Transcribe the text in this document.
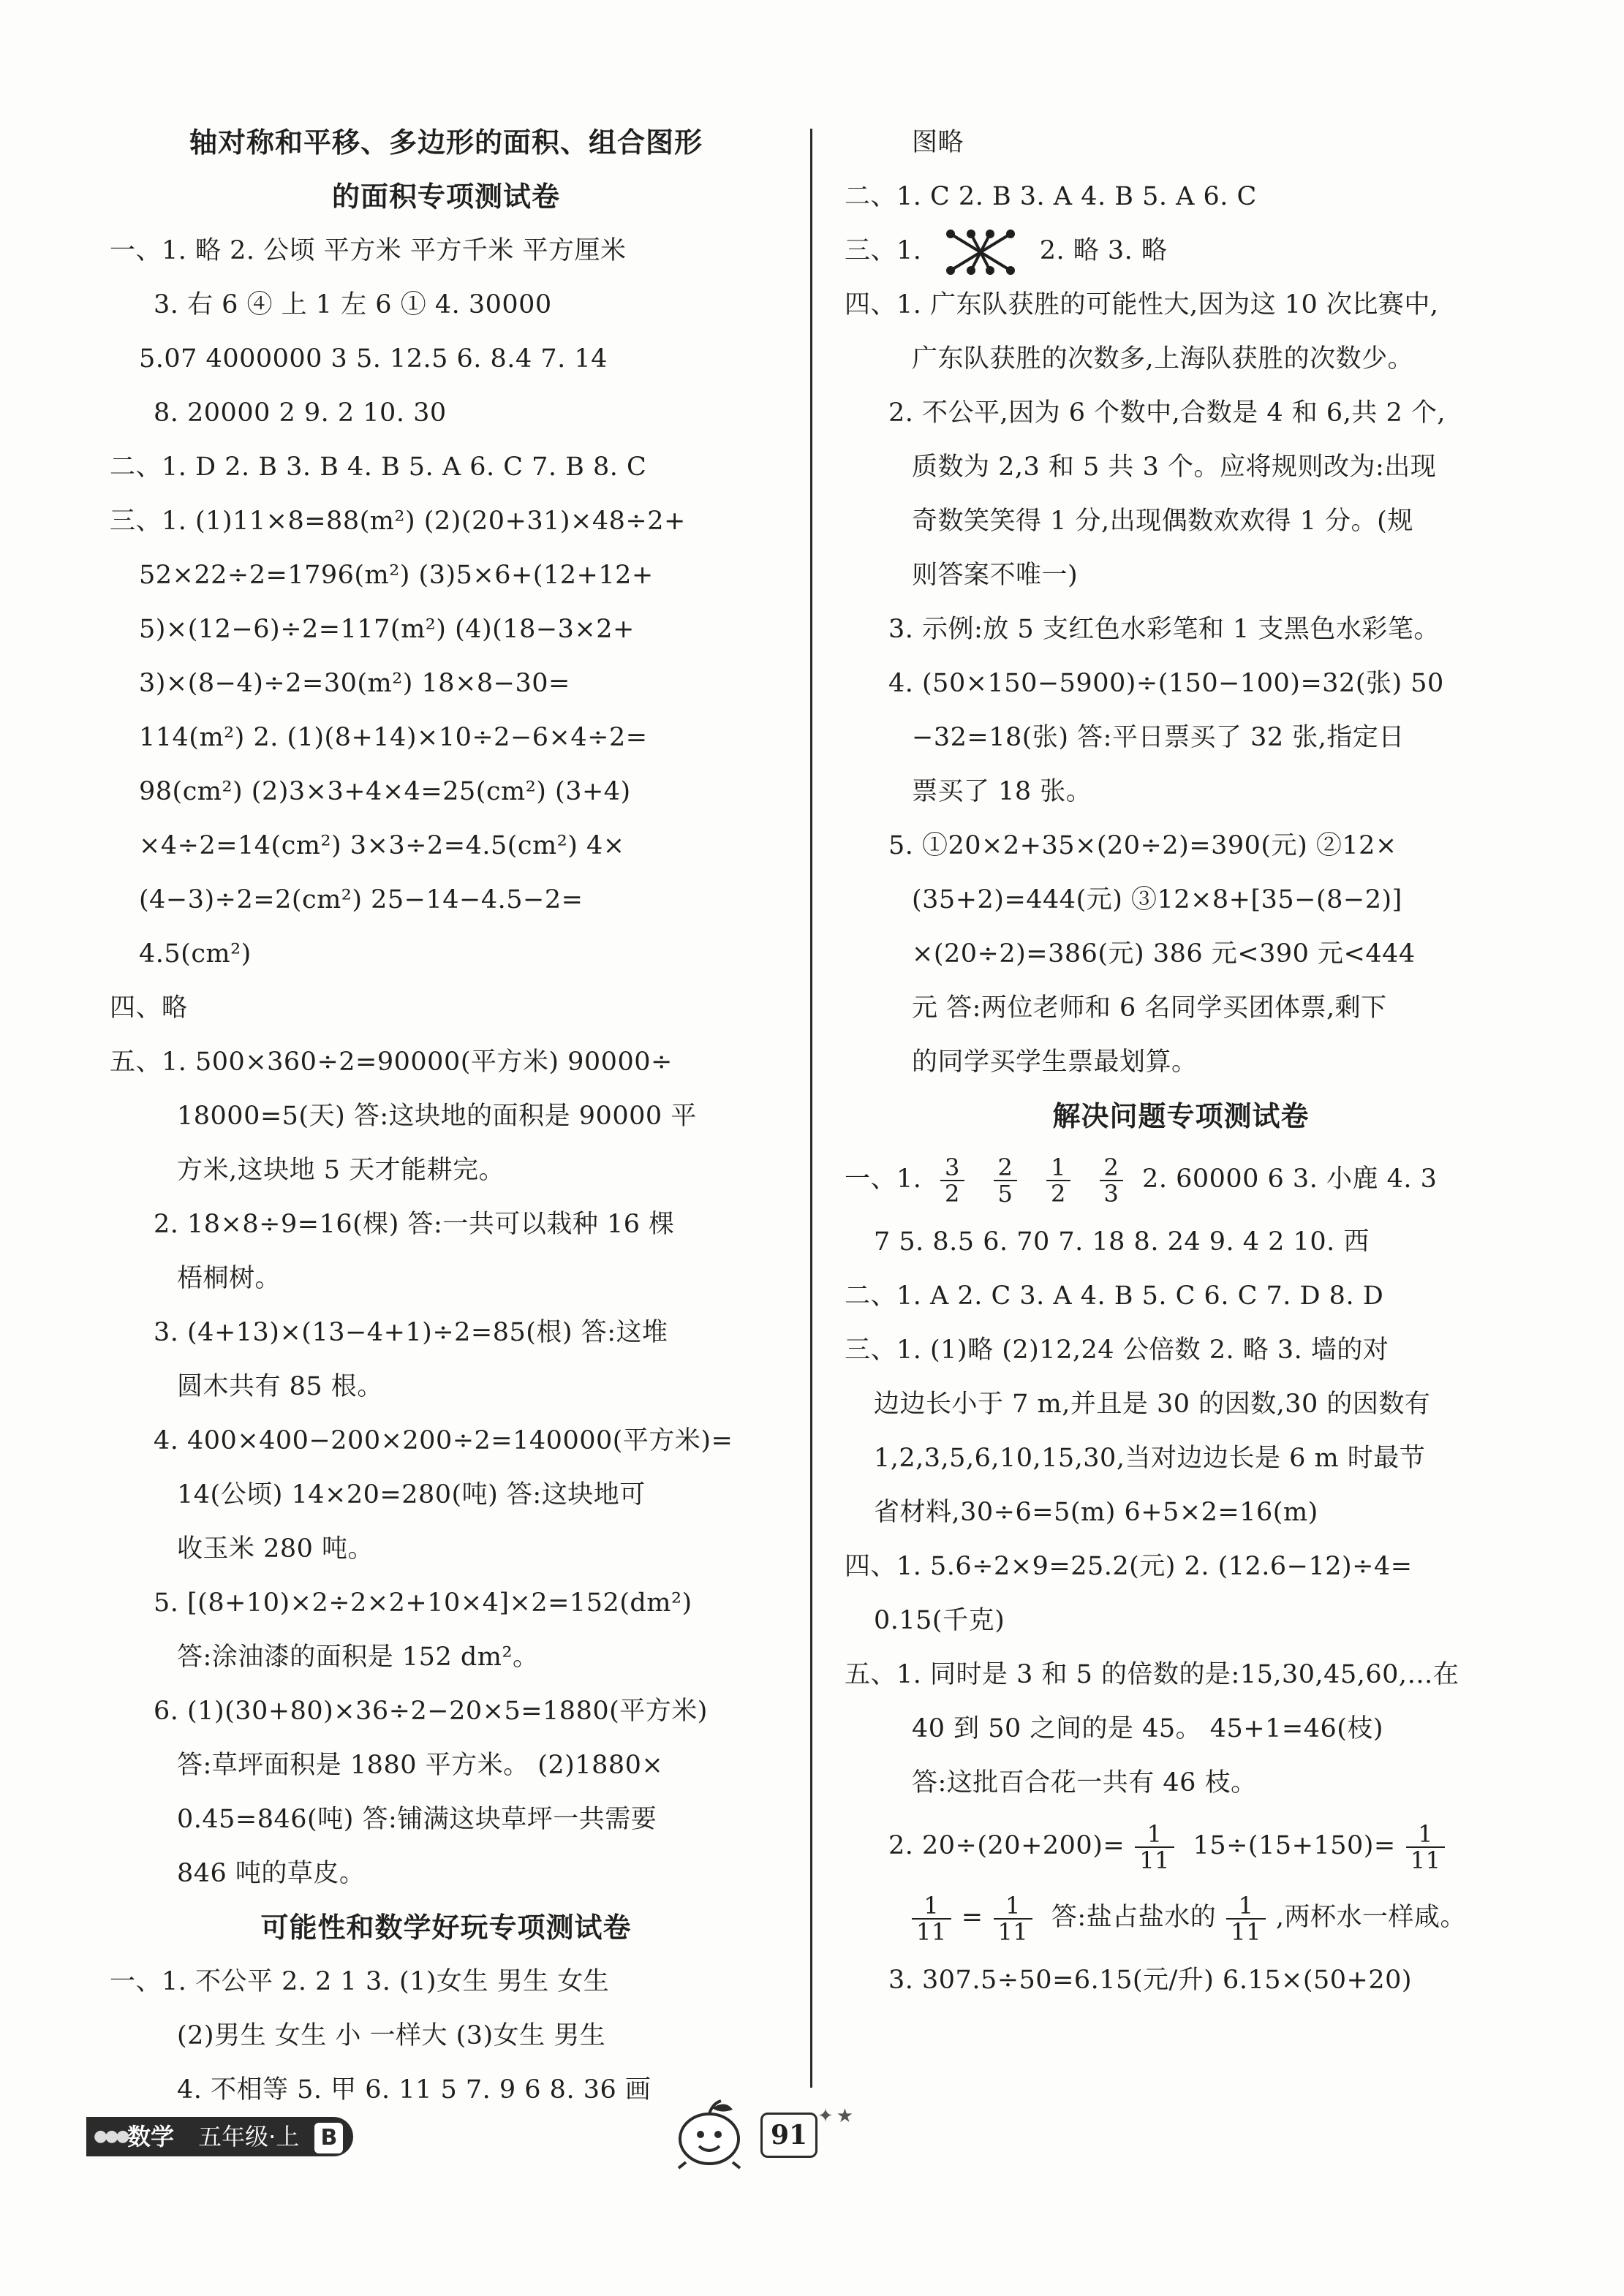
轴对称和平移、多边形的面积、组合图形
的面积专项测试卷
一、1. 略 2. 公顷 平方米 平方千米 平方厘米
3. 右 6 ④ 上 1 左 6 ① 4. 30000
5.07 4000000 3 5. 12.5 6. 8.4 7. 14
8. 20000 2 9. 2 10. 30
二、1. D 2. B 3. B 4. B 5. A 6. C 7. B 8. C
三、1. (1)11×8=88(m²) (2)(20+31)×48÷2+
52×22÷2=1796(m²) (3)5×6+(12+12+
5)×(12−6)÷2=117(m²) (4)(18−3×2+
3)×(8−4)÷2=30(m²) 18×8−30=
114(m²) 2. (1)(8+14)×10÷2−6×4÷2=
98(cm²) (2)3×3+4×4=25(cm²) (3+4)
×4÷2=14(cm²) 3×3÷2=4.5(cm²) 4×
(4−3)÷2=2(cm²) 25−14−4.5−2=
4.5(cm²)
四、略
五、1. 500×360÷2=90000(平方米) 90000÷
18000=5(天) 答:这块地的面积是 90000 平
方米,这块地 5 天才能耕完。
2. 18×8÷9=16(棵) 答:一共可以栽种 16 棵
梧桐树。
3. (4+13)×(13−4+1)÷2=85(根) 答:这堆
圆木共有 85 根。
4. 400×400−200×200÷2=140000(平方米)=
14(公顷) 14×20=280(吨) 答:这块地可
收玉米 280 吨。
5. [(8+10)×2÷2×2+10×4]×2=152(dm²)
答:涂油漆的面积是 152 dm²。
6. (1)(30+80)×36÷2−20×5=1880(平方米)
答:草坪面积是 1880 平方米。 (2)1880×
0.45=846(吨) 答:铺满这块草坪一共需要
846 吨的草皮。
可能性和数学好玩专项测试卷
一、1. 不公平 2. 2 1 3. (1)女生 男生 女生
(2)男生 女生 小 一样大 (3)女生 男生
4. 不相等 5. 甲 6. 11 5 7. 9 6 8. 36 画
图略
二、1. C 2. B 3. A 4. B 5. A 6. C
三、1.	2. 略 3. 略
四、1. 广东队获胜的可能性大,因为这 10 次比赛中,
广东队获胜的次数多,上海队获胜的次数少。
2. 不公平,因为 6 个数中,合数是 4 和 6,共 2 个,
质数为 2,3 和 5 共 3 个。应将规则改为:出现
奇数笑笑得 1 分,出现偶数欢欢得 1 分。(规
则答案不唯一)
3. 示例:放 5 支红色水彩笔和 1 支黑色水彩笔。
4. (50×150−5900)÷(150−100)=32(张) 50
−32=18(张) 答:平日票买了 32 张,指定日
票买了 18 张。
5. ①20×2+35×(20÷2)=390(元) ②12×
(35+2)=444(元) ③12×8+[35−(8−2)]
×(20÷2)=386(元) 386 元<390 元<444
元 答:两位老师和 6 名同学买团体票,剩下
的同学买学生票最划算。
解决问题专项测试卷
一、1. $\frac{3}{2}$
$\frac{2}{5}$
$\frac{1}{2}$
$\frac{2}{3} 2$. 60000 6 3. 小鹿 4. 3
7 5. 8.5 6. 70 7. 18 8. 24 9. 4 2 10. 西
二、1. A 2. C 3. A 4. B 5. C 6. C 7. D 8. D
三、1. (1)略 (2)12,24 公倍数 2. 略 3. 墙的对
边边长小于 7 m,并且是 30 的因数,30 的因数有
1,2,3,5,6,10,15,30,当对边边长是 6 m 时最节
省材料,30÷6=5(m) 6+5×2=16(m)
四、1. 5.6÷2×9=25.2(元) 2. (12.6−12)÷4=
0.15(千克)
五、1. 同时是 3 和 5 的倍数的是:15,30,45,60,…在
40 到 50 之间的是 45。 45+1=46(枝)
答:这批百合花一共有 46 枝。
2. $20\div(20+200)= \frac{1}{11} 15\div(15+150)= \frac{1}{11}$
$\frac{1}{11} = \frac{1}{11}$ 答:盐占盐水的 $\frac{1}{11}$ ,两杯水一样咸。
3. 307.5÷50=6.15(元/升) 6.15×(50+20)
●●● 数学 五年级·上 B	91
✦★
